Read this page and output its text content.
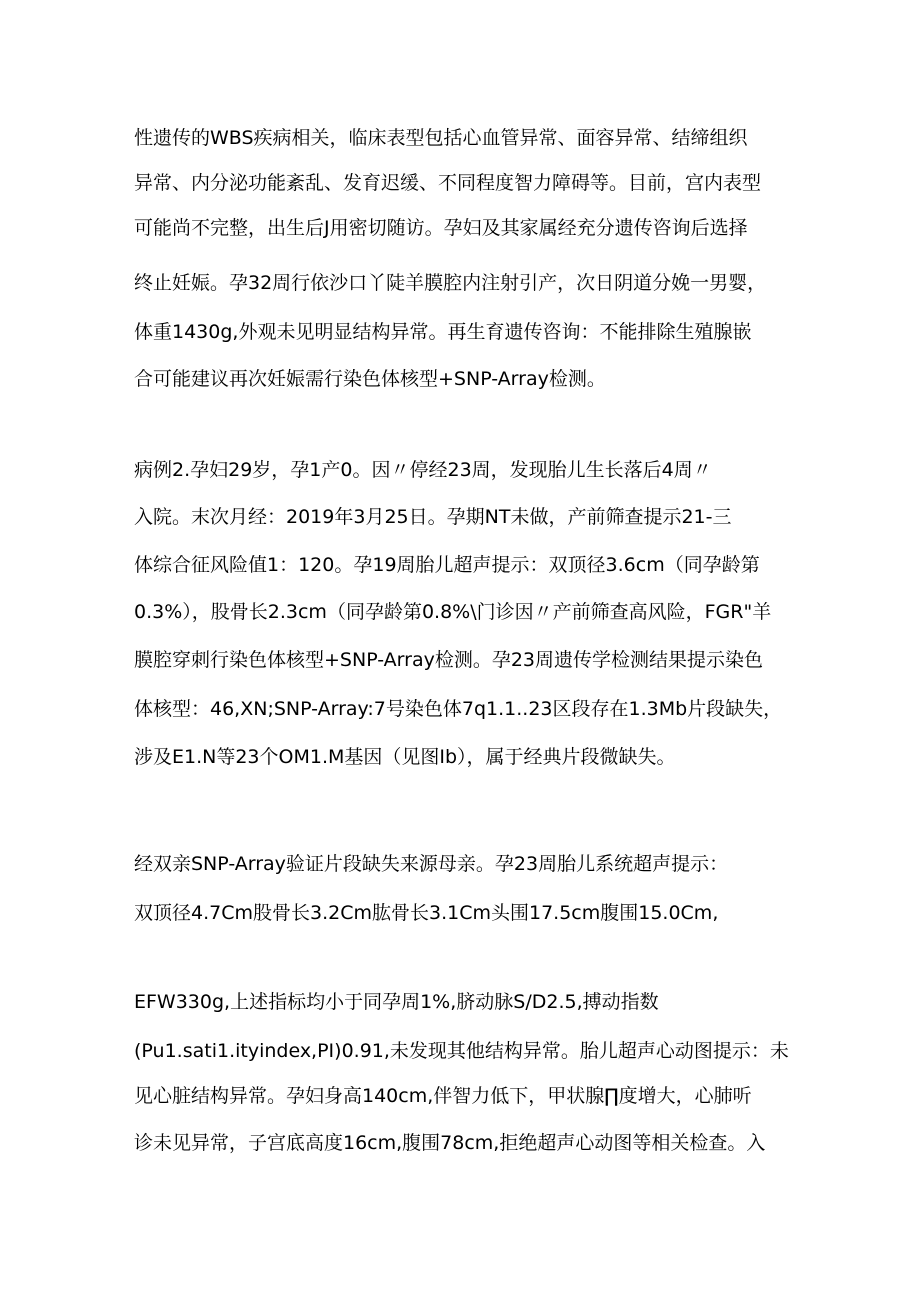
性遗传的WBS疾病相关，临床表型包括心血管异常、面容异常、结缔组织
异常、内分泌功能紊乱、发育迟缓、不同程度智力障碍等。目前，宫内表型
可能尚不完整，出生后J用密切随访。孕妇及其家属经充分遗传咨询后选择
终止妊娠。孕32周行依沙口丫陡羊膜腔内注射引产，次日阴道分娩一男婴，
体重1430g,外观未见明显结构异常。再生育遗传咨询：不能排除生殖腺嵌
合可能建议再次妊娠需行染色体核型+SNP-Array检测。
病例2.孕妇29岁，孕1产0。因〃停经23周，发现胎儿生长落后4周〃
入院。末次月经：2019年3月25日。孕期NT未做，产前筛查提示21-三
体综合征风险值1：120。孕19周胎儿超声提示：双顶径3.6cm（同孕龄第
0.3%），股骨长2.3cm（同孕龄第0.8%\门诊因〃产前筛查高风险，FGR"羊
膜腔穿刺行染色体核型+SNP-Array检测。孕23周遗传学检测结果提示染色
体核型：46,XN;SNP-Array:7号染色体7q1.1..23区段存在1.3Mb片段缺失，
涉及E1.N等23个OM1.M基因（见图Ib），属于经典片段微缺失。
经双亲SNP-Array验证片段缺失来源母亲。孕23周胎儿系统超声提示：
双顶径4.7Cm股骨长3.2Cm肱骨长3.1Cm头围17.5cm腹围15.0Cm,
EFW330g,上述指标均小于同孕周1%,脐动脉S/D2.5,搏动指数
(Pu1.sati1.ityindex,PI)0.91,未发现其他结构异常。胎儿超声心动图提示：未
见心脏结构异常。孕妇身高140cm,伴智力低下，甲状腺∏度增大，心肺听
诊未见异常，子宫底高度16cm,腹围78cm,拒绝超声心动图等相关检查。入
